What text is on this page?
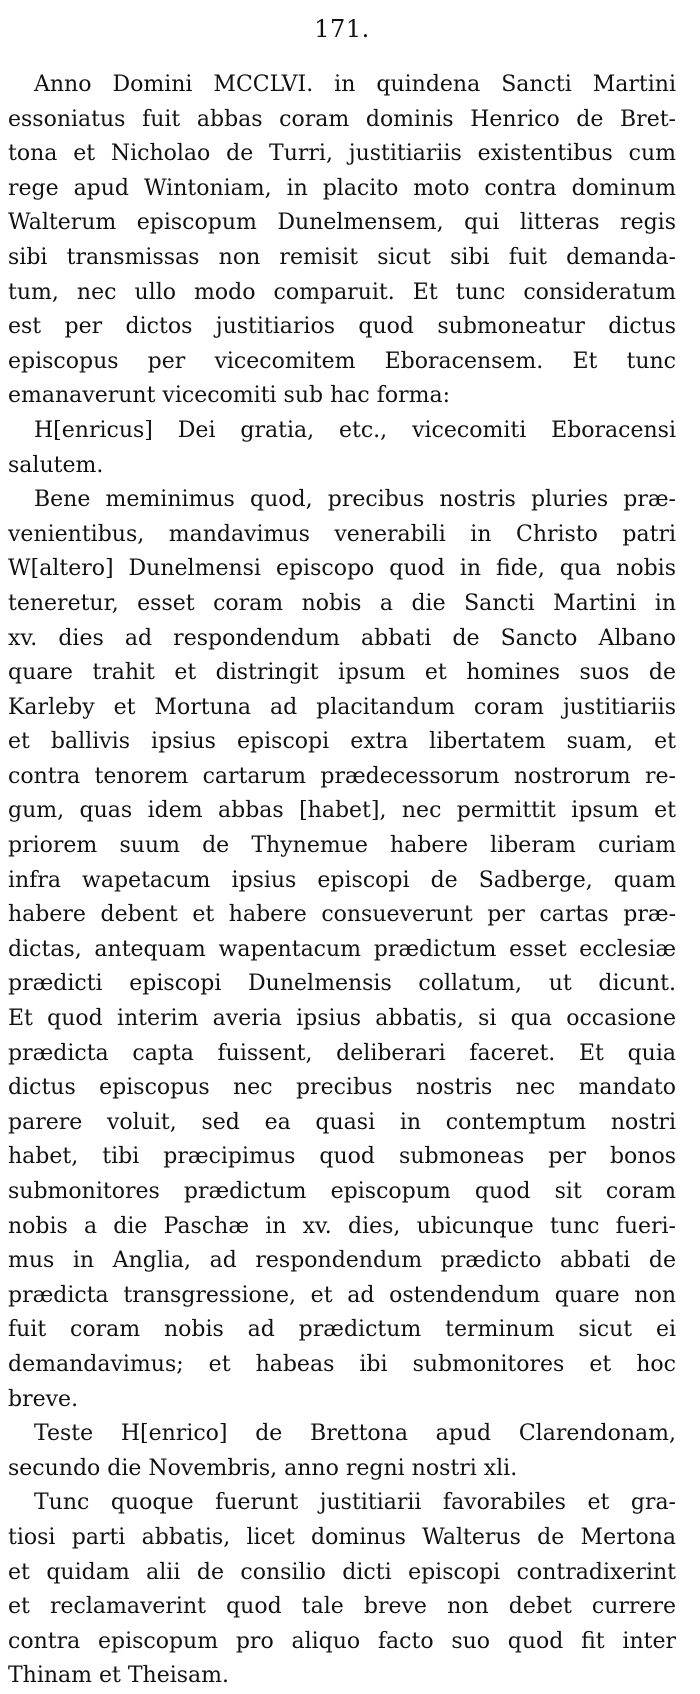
171.
Anno Domini MCCLVI. in quindena Sancti Martini
essoniatus fuit abbas coram dominis Henrico de Bret-
tona et Nicholao de Turri, justitiariis existentibus cum
rege apud Wintoniam, in placito moto contra dominum
Walterum episcopum Dunelmensem, qui litteras regis
sibi transmissas non remisit sicut sibi fuit demanda-
tum, nec ullo modo comparuit. Et tunc consideratum
est per dictos justitiarios quod submoneatur dictus
episcopus per vicecomitem Eboracensem. Et tunc
emanaverunt vicecomiti sub hac forma:
H[enricus] Dei gratia, etc., vicecomiti Eboracensi
salutem.
Bene meminimus quod, precibus nostris pluries præ-
venientibus, mandavimus venerabili in Christo patri
W[altero] Dunelmensi episcopo quod in fide, qua nobis
teneretur, esset coram nobis a die Sancti Martini in
xv. dies ad respondendum abbati de Sancto Albano
quare trahit et distringit ipsum et homines suos de
Karleby et Mortuna ad placitandum coram justitiariis
et ballivis ipsius episcopi extra libertatem suam, et
contra tenorem cartarum prædecessorum nostrorum re-
gum, quas idem abbas [habet], nec permittit ipsum et
priorem suum de Thynemue habere liberam curiam
infra wapetacum ipsius episcopi de Sadberge, quam
habere debent et habere consueverunt per cartas præ-
dictas, antequam wapentacum prædictum esset ecclesiæ
prædicti episcopi Dunelmensis collatum, ut dicunt.
Et quod interim averia ipsius abbatis, si qua occasione
prædicta capta fuissent, deliberari faceret. Et quia
dictus episcopus nec precibus nostris nec mandato
parere voluit, sed ea quasi in contemptum nostri
habet, tibi præcipimus quod submoneas per bonos
submonitores prædictum episcopum quod sit coram
nobis a die Paschæ in xv. dies, ubicunque tunc fueri-
mus in Anglia, ad respondendum prædicto abbati de
prædicta transgressione, et ad ostendendum quare non
fuit coram nobis ad prædictum terminum sicut ei
demandavimus; et habeas ibi submonitores et hoc
breve.
Teste H[enrico] de Brettona apud Clarendonam,
secundo die Novembris, anno regni nostri xli.
Tunc quoque fuerunt justitiarii favorabiles et gra-
tiosi parti abbatis, licet dominus Walterus de Mertona
et quidam alii de consilio dicti episcopi contradixerint
et reclamaverint quod tale breve non debet currere
contra episcopum pro aliquo facto suo quod fit inter
Thinam et Theisam.
